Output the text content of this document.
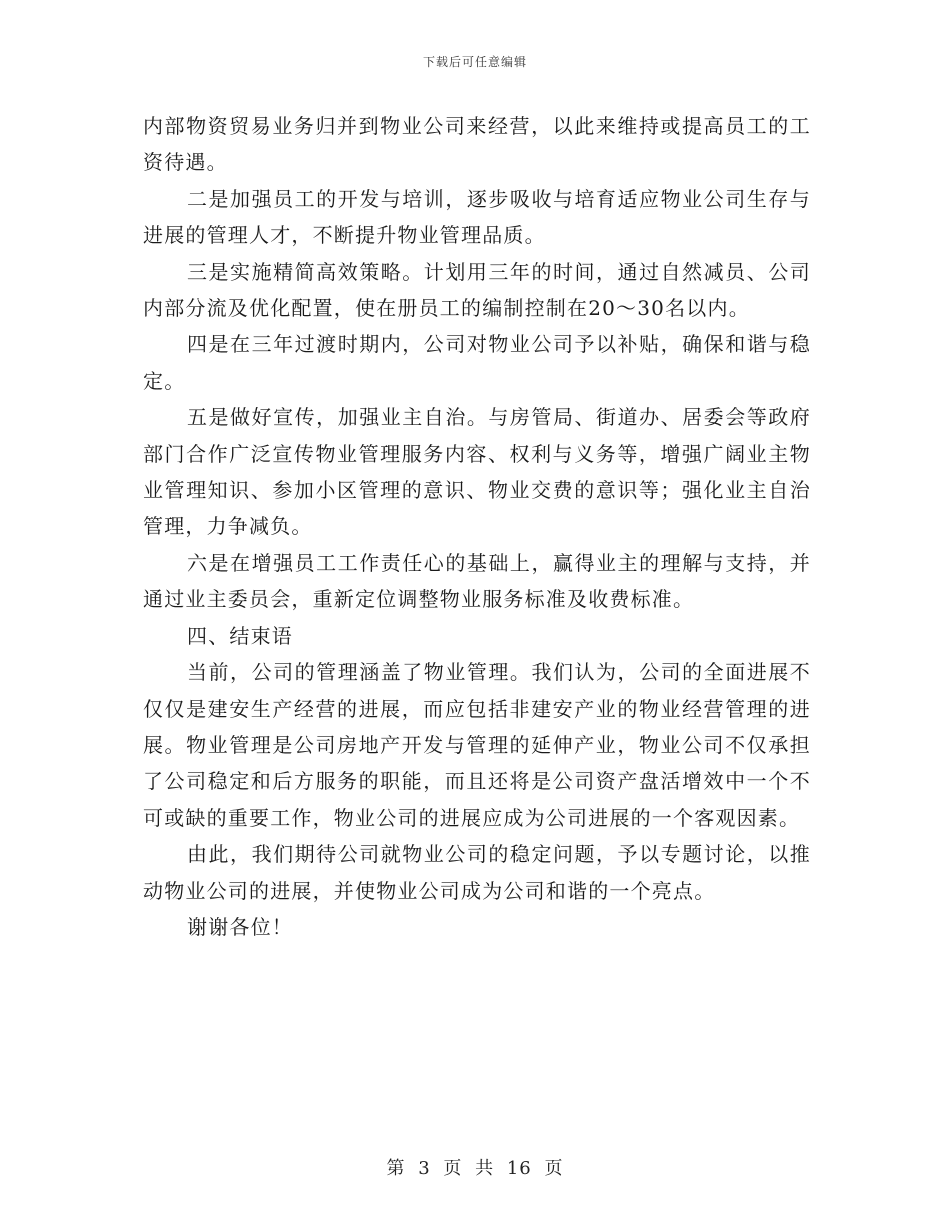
下载后可任意编辑

内部物资贸易业务归并到物业公司来经营，以此来维持或提高员工的工资待遇。

二是加强员工的开发与培训，逐步吸收与培育适应物业公司生存与进展的管理人才，不断提升物业管理品质。

三是实施精简高效策略。计划用三年的时间，通过自然减员、公司内部分流及优化配置，使在册员工的编制控制在20～30名以内。

四是在三年过渡时期内，公司对物业公司予以补贴，确保和谐与稳定。

五是做好宣传，加强业主自治。与房管局、街道办、居委会等政府部门合作广泛宣传物业管理服务内容、权利与义务等，增强广阔业主物业管理知识、参加小区管理的意识、物业交费的意识等；强化业主自治管理，力争减负。

六是在增强员工工作责任心的基础上，赢得业主的理解与支持，并通过业主委员会，重新定位调整物业服务标准及收费标准。

四、结束语

当前，公司的管理涵盖了物业管理。我们认为，公司的全面进展不仅仅是建安生产经营的进展，而应包括非建安产业的物业经营管理的进展。物业管理是公司房地产开发与管理的延伸产业，物业公司不仅承担了公司稳定和后方服务的职能，而且还将是公司资产盘活增效中一个不可或缺的重要工作，物业公司的进展应成为公司进展的一个客观因素。

由此，我们期待公司就物业公司的稳定问题，予以专题讨论，以推动物业公司的进展，并使物业公司成为公司和谐的一个亮点。

谢谢各位！

第 3 页 共 16 页
